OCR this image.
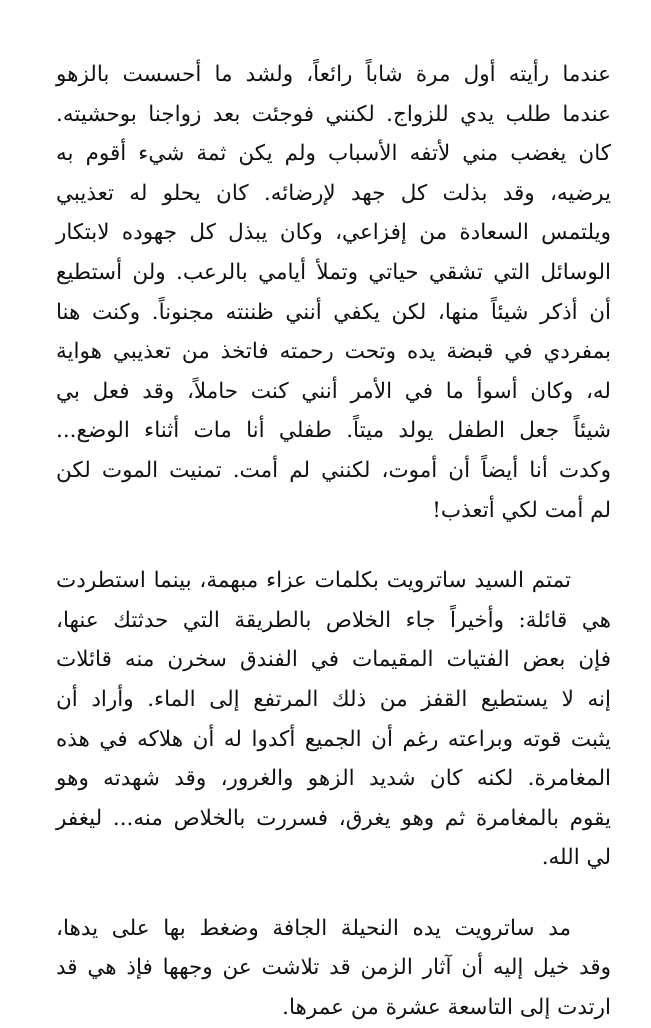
عندما رأيته أول مرة شاباً رائعاً، ولشد ما أحسست بالزهو
عندما طلب يدي للزواج. لكنني فوجئت بعد زواجنا بوحشيته.
كان يغضب مني لأتفه الأسباب ولم يكن ثمة شيء أقوم به
يرضيه، وقد بذلت كل جهد لإرضائه. كان يحلو له تعذيبي
ويلتمس السعادة من إفزاعي، وكان يبذل كل جهوده لابتكار
الوسائل التي تشقي حياتي وتملأ أيامي بالرعب. ولن أستطيع
أن أذكر شيئاً منها، لكن يكفي أنني ظننته مجنوناً. وكنت هنا
بمفردي في قبضة يده وتحت رحمته فاتخذ من تعذيبي هواية
له، وكان أسوأ ما في الأمر أنني كنت حاملاً، وقد فعل بي
شيئاً جعل الطفل يولد ميتاً. طفلي أنا مات أثناء الوضع...
وكدت أنا أيضاً أن أموت، لكنني لم أمت. تمنيت الموت لكن
لم أمت لكي أتعذب!

تمتم السيد ساترويت بكلمات عزاء مبهمة، بينما استطردت
هي قائلة: وأخيراً جاء الخلاص بالطريقة التي حدثتك عنها،
فإن بعض الفتيات المقيمات في الفندق سخرن منه قائلات
إنه لا يستطيع القفز من ذلك المرتفع إلى الماء. وأراد أن
يثبت قوته وبراعته رغم أن الجميع أكدوا له أن هلاكه في هذه
المغامرة. لكنه كان شديد الزهو والغرور، وقد شهدته وهو
يقوم بالمغامرة ثم وهو يغرق، فسررت بالخلاص منه... ليغفر
لي الله.

مد ساترويت يده النحيلة الجافة وضغط بها على يدها،
وقد خيل إليه أن آثار الزمن قد تلاشت عن وجهها فإذ هي قد
ارتدت إلى التاسعة عشرة من عمرها.
